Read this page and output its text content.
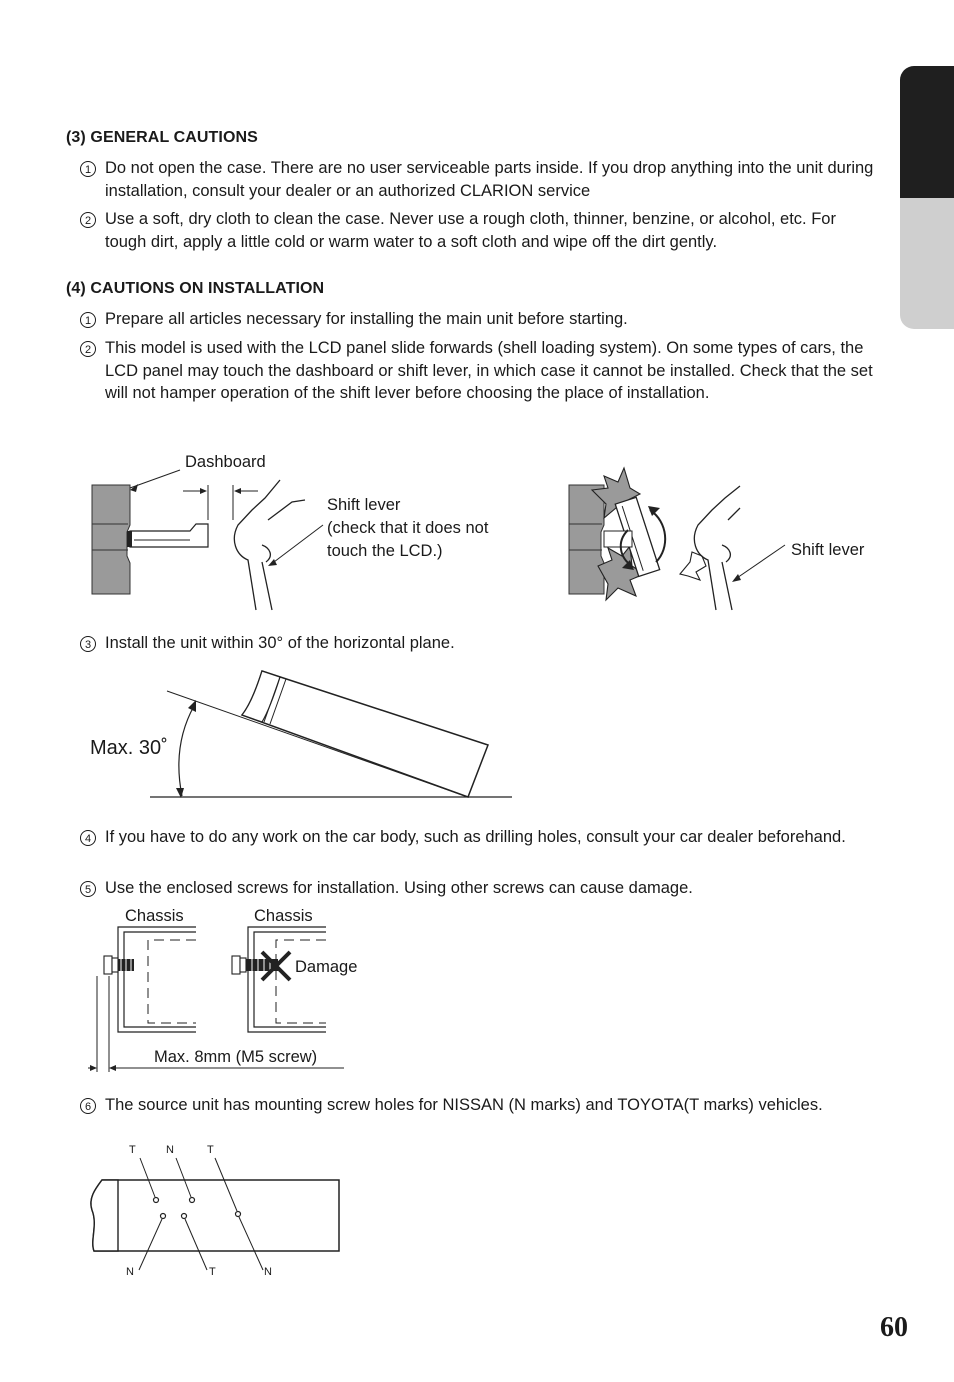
(3) GENERAL CAUTIONS
1 Do not open the case. There are no user serviceable parts inside. If you drop anything into the unit during installation, consult your dealer or an authorized CLARION service
2 Use a soft, dry cloth to clean the case. Never use a rough cloth, thinner, benzine, or alcohol, etc. For tough dirt, apply a little cold or warm water to a soft cloth and wipe off the dirt gently.
(4) CAUTIONS ON INSTALLATION
1 Prepare all articles necessary for installing the main unit before starting.
2 This model is used with the LCD panel slide forwards (shell loading system). On some types of cars, the LCD panel may touch the dashboard or shift lever, in which case it cannot be installed. Check that the set will not hamper operation of the shift lever before choosing the place of installation.
Dashboard
Shift lever
(check that it does not
touch the LCD.)	Shift lever
3 Install the unit within 30° of the horizontal plane.
Max. 30˚
4 If you have to do any work on the car body, such as drilling holes, consult your car dealer beforehand.
5 Use the enclosed screws for installation. Using other screws can cause damage.
Chassis	Chassis
Damage
Max. 8mm (M5 screw)
6 The source unit has mounting screw holes for NISSAN (N marks) and TOYOTA(T marks) vehicles.
T	N	T
N	T	N
60
